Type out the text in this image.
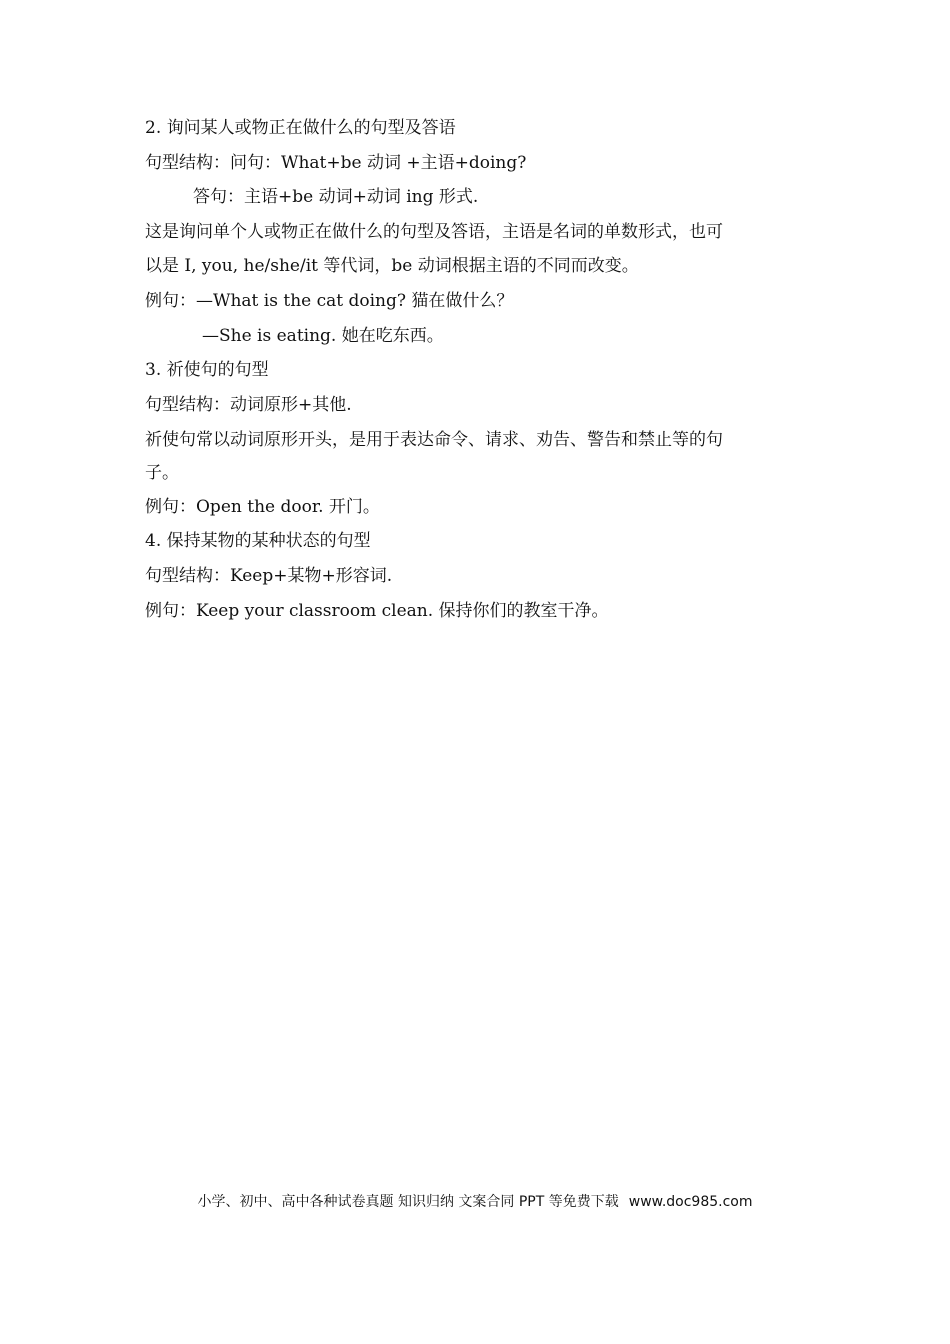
2. 询问某人或物正在做什么的句型及答语
句型结构：问句：What+be 动词 +主语+doing?
答句：主语+be 动词+动词 ing 形式.
这是询问单个人或物正在做什么的句型及答语，主语是名词的单数形式，也可
以是 I, you, he/she/it 等代词，be 动词根据主语的不同而改变。
例句：—What is the cat doing? 猫在做什么？
—She is eating. 她在吃东西。
3. 祈使句的句型
句型结构：动词原形+其他.
祈使句常以动词原形开头，是用于表达命令、请求、劝告、警告和禁止等的句
子。
例句：Open the door. 开门。
4. 保持某物的某种状态的句型
句型结构：Keep+某物+形容词.
例句：Keep your classroom clean. 保持你们的教室干净。
小学、初中、高中各种试卷真题 知识归纳 文案合同 PPT 等免费下载 www.doc985.com
